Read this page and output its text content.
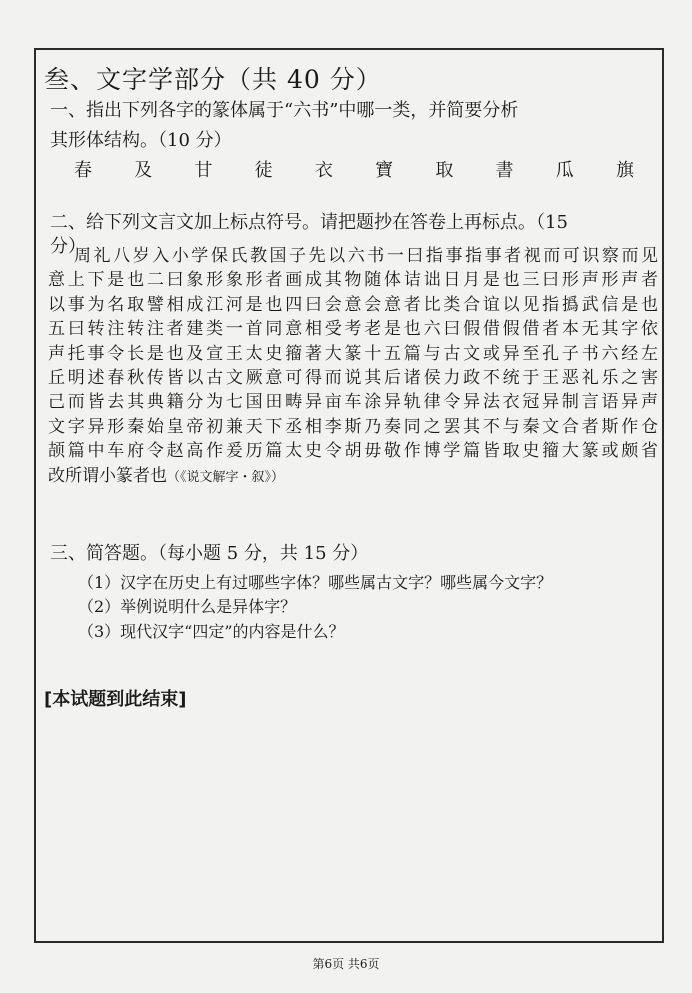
叁、文字学部分（共 40 分）
一、指出下列各字的篆体属于“六书”中哪一类，并简要分析
其形体结构。（10 分）
春 及 甘 徒 衣 寶 取 書 瓜 旗
二、给下列文言文加上标点符号。请把题抄在答卷上再标点。（15
分）
周礼八岁入小学保氏教国子先以六书一曰指事指事者视而可识察而见
意上下是也二曰象形象形者画成其物随体诘诎日月是也三曰形声形声者
以事为名取譬相成江河是也四曰会意会意者比类合谊以见指撝武信是也
五曰转注转注者建类一首同意相受考老是也六曰假借假借者本无其字依
声托事令长是也及宣王太史籀著大篆十五篇与古文或异至孔子书六经左
丘明述春秋传皆以古文厥意可得而说其后诸侯力政不统于王恶礼乐之害
己而皆去其典籍分为七国田畴异亩车涂异轨律令异法衣冠异制言语异声
文字异形秦始皇帝初兼天下丞相李斯乃奏同之罢其不与秦文合者斯作仓
颉篇中车府令赵高作爰历篇太史令胡毋敬作博学篇皆取史籀大篆或颇省
改所谓小篆者也（《说文解字・叙》）
三、简答题。（每小题 5 分，共 15 分）
（1）汉字在历史上有过哪些字体？哪些属古文字？哪些属今文字？
（2）举例说明什么是异体字？
（3）现代汉字“四定”的内容是什么？
[本试题到此结束]
第6页 共6页
